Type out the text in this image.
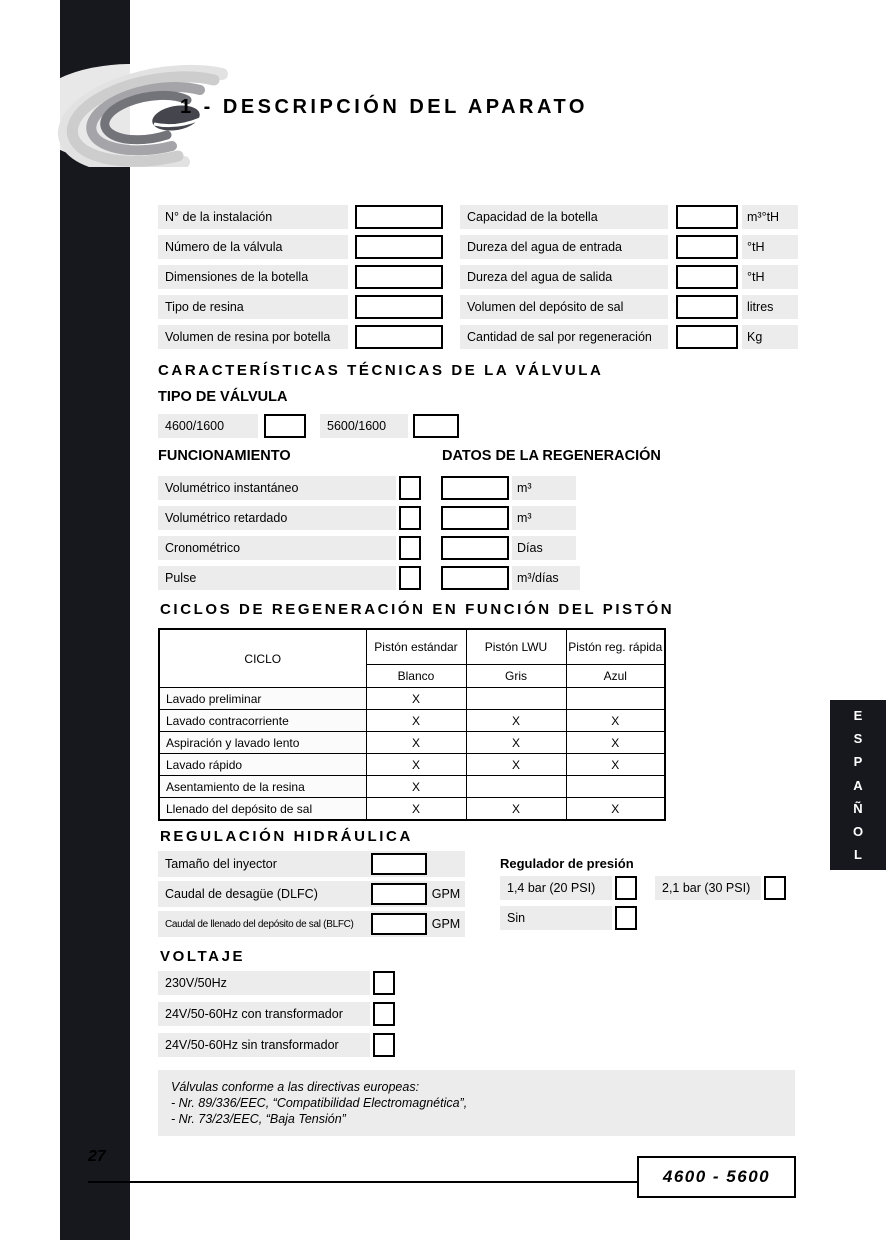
1 - DESCRIPCIÓN DEL APARATO
N° de la instalación
Número de la válvula
Dimensiones de la botella
Tipo de resina
Volumen de resina por botella
Capacidad de la botella	m³°tH
Dureza del agua de entrada	°tH
Dureza del agua de salida	°tH
Volumen del depósito de sal	litres
Cantidad de sal por regeneración	Kg
CARACTERÍSTICAS TÉCNICAS DE LA VÁLVULA
TIPO DE VÁLVULA
4600/1600	5600/1600
FUNCIONAMIENTO	DATOS DE LA REGENERACIÓN
Volumétrico instantáneo	m³
Volumétrico retardado	m³
Cronométrico	Días
Pulse	m³/días
CICLOS DE REGENERACIÓN EN FUNCIÓN DEL PISTÓN
CICLO	Pistón estándar	Pistón LWU	Pistón reg. rápida
	Blanco	Gris	Azul
Lavado preliminar	X		
Lavado contracorriente	X	X	X
Aspiración y lavado lento	X	X	X
Lavado rápido	X	X	X
Asentamiento de la resina	X		
Llenado del depósito de sal	X	X	X
REGULACIÓN HIDRÁULICA
Tamaño del inyector
Caudal de desagüe (DLFC)	GPM
Caudal de llenado del depósito de sal (BLFC)	GPM
Regulador de presión
1,4 bar (20 PSI)	2,1 bar (30 PSI)
Sin
VOLTAJE
230V/50Hz
24V/50-60Hz con transformador
24V/50-60Hz sin transformador
Válvulas conforme a las directivas europeas:
- Nr. 89/336/EEC, “Compatibilidad Electromagnética”,
- Nr. 73/23/EEC, “Baja Tensión”
27
4600 - 5600
E
S
P
A
Ñ
O
L
